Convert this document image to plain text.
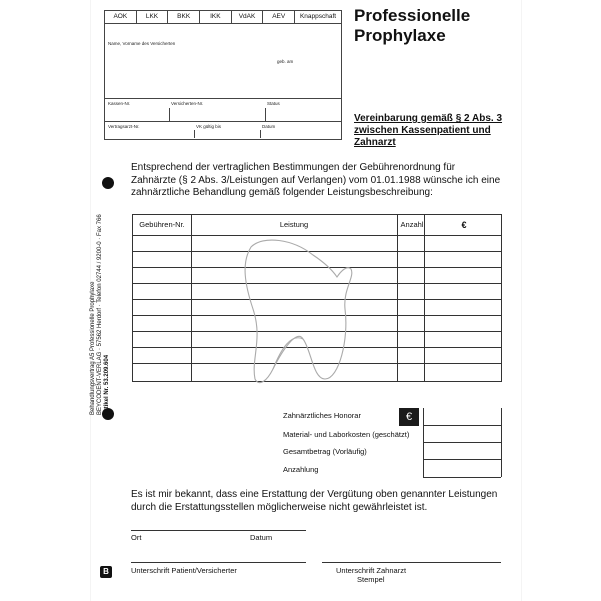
AOK	LKK	BKK	IKK	VdAK	AEV	Knappschaft
Name, Vorname des Versicherten
geb. am
Kassen-Nr.	Versicherten-Nr.	Status
Vertragsarzt-Nr.	VK gültig bis	Datum
Professionelle
Prophylaxe
Vereinbarung gemäß § 2 Abs. 3 zwischen Kassenpatient und Zahnarzt
Entsprechend der vertraglichen Bestimmungen der Gebührenordnung für Zahnärzte (§ 2 Abs. 3/Leistungen auf Verlangen) vom 01.01.1988 wünsche ich eine zahnärztliche Behandlung gemäß folgender Leistungsbeschreibung:
Gebühren-Nr.	Leistung	Anzahl	€
Zahnärztliches Honorar	€
Material- und Laborkosten (geschätzt)
Gesamtbetrag (Vorläufig)
Anzahlung
Es ist mir bekannt, dass eine Erstattung der Vergütung oben genannter Leistungen durch die Erstattungsstellen möglicherweise nicht gewährleistet ist.
Ort	Datum
Unterschrift Patient/Versicherter	Unterschrift Zahnarzt
Stempel
Behandlungsvertrag A5 Professionelle Prophylaxe BEYCODENT-VERLAG · 57562 Herdorf · Telefon 02744 / 9200-0 · Fax 766 Artikel Nr. 53.209.604
B
